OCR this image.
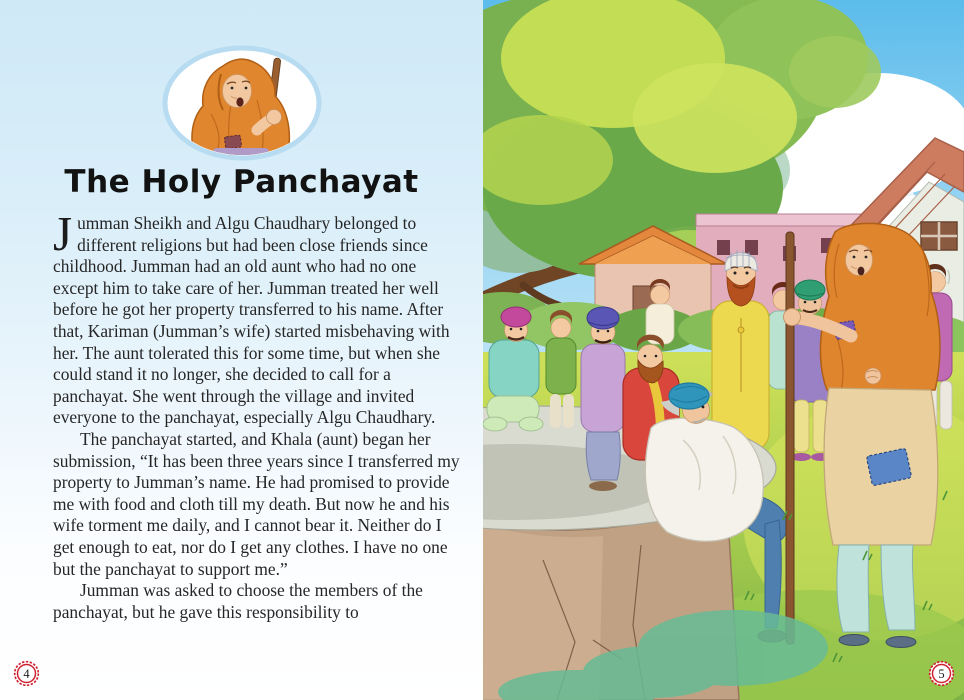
The Holy Panchayat

Jumman Sheikh and Algu Chaudhary belonged to different religions but had been close friends since childhood. Jumman had an old aunt who had no one except him to take care of her. Jumman treated her well before he got her property transferred to his name. After that, Kariman (Jumman’s wife) started misbehaving with her. The aunt tolerated this for some time, but when she could stand it no longer, she decided to call for a panchayat. She went through the village and invited everyone to the panchayat, especially Algu Chaudhary.

The panchayat started, and Khala (aunt) began her submission, “It has been three years since I transferred my property to Jumman’s name. He had promised to provide me with food and cloth till my death. But now he and his wife torment me daily, and I cannot bear it. Neither do I get enough to eat, nor do I get any clothes. I have no one but the panchayat to support me.”

Jumman was asked to choose the members of the panchayat, but he gave this responsibility to

4	5
